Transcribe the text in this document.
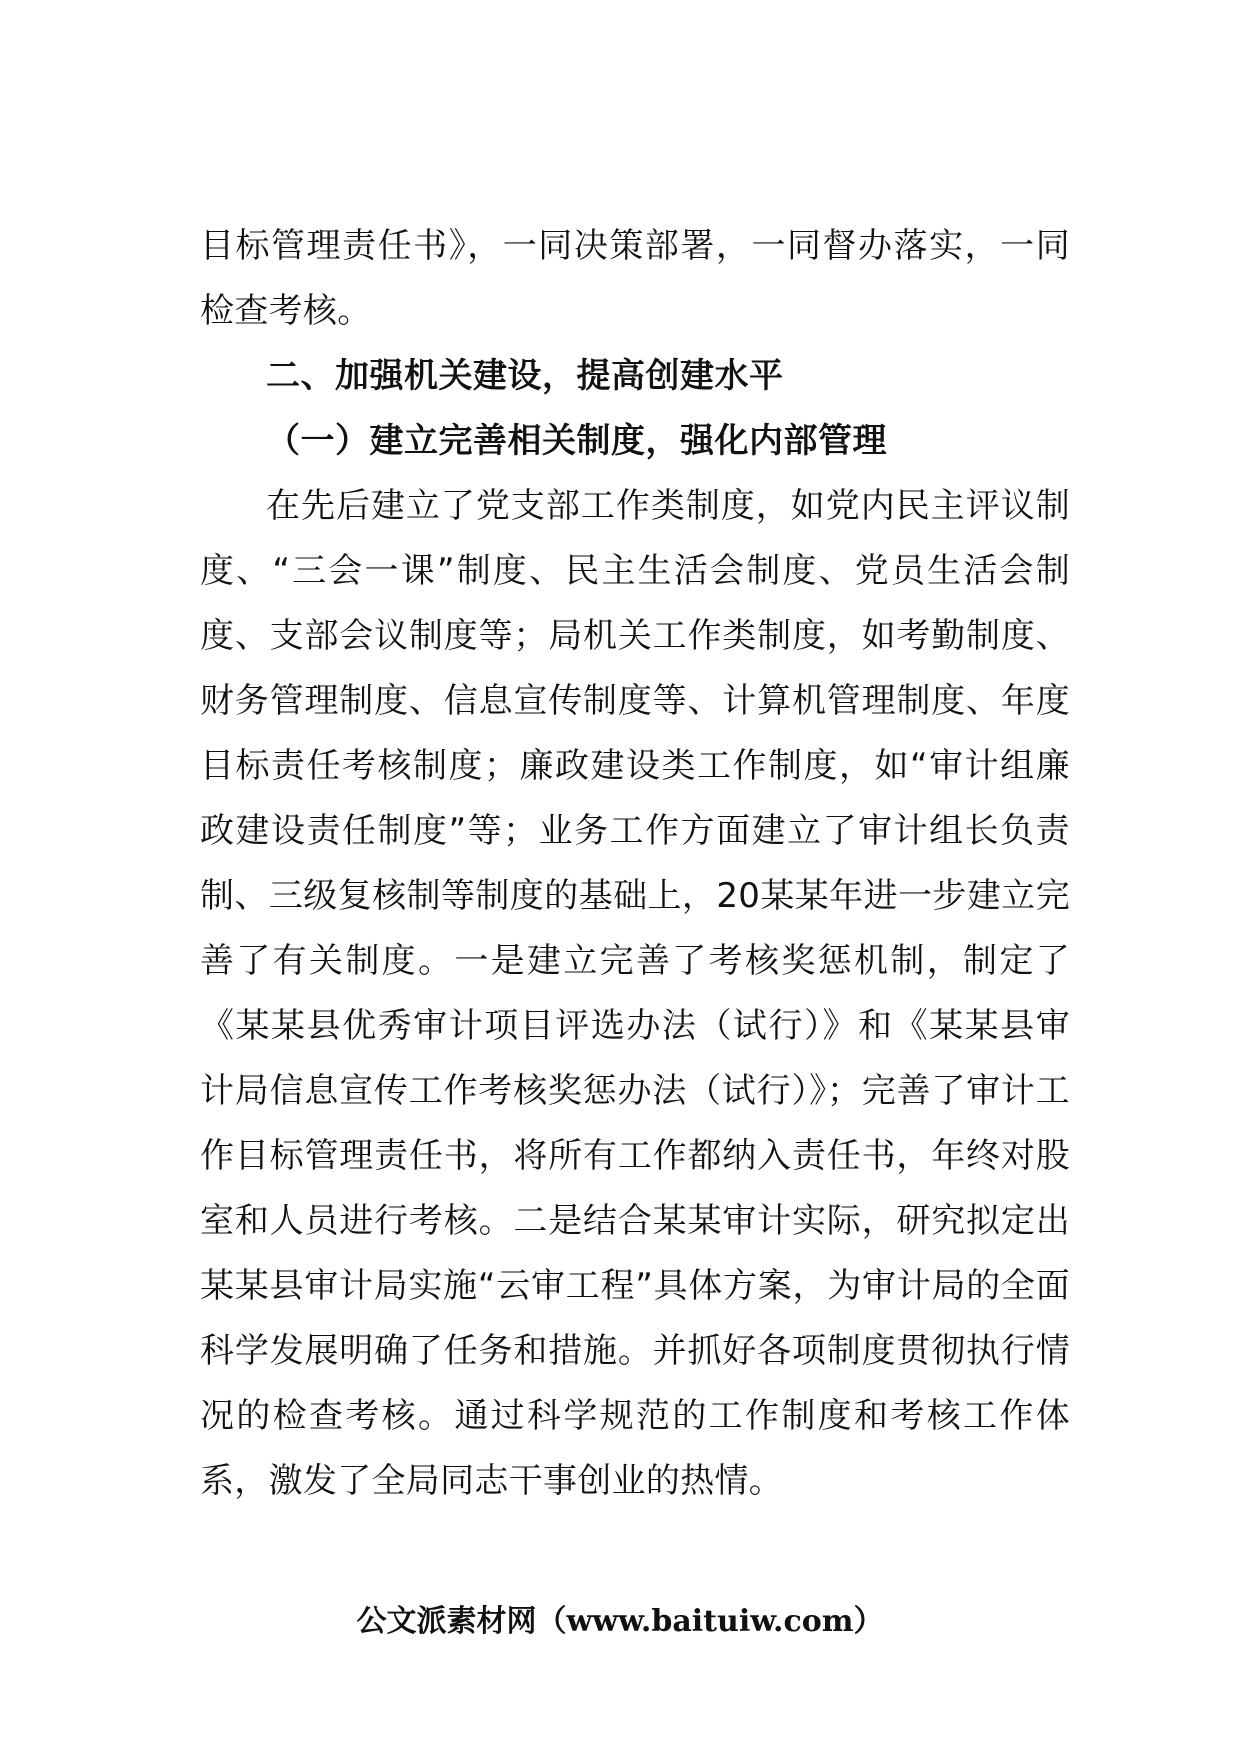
目标管理责任书》，一同决策部署，一同督办落实，一同检查考核。

二、加强机关建设，提高创建水平

（一）建立完善相关制度，强化内部管理

在先后建立了党支部工作类制度，如党内民主评议制度、“三会一课”制度、民主生活会制度、党员生活会制度、支部会议制度等；局机关工作类制度，如考勤制度、财务管理制度、信息宣传制度等、计算机管理制度、年度目标责任考核制度；廉政建设类工作制度，如“审计组廉政建设责任制度”等；业务工作方面建立了审计组长负责制、三级复核制等制度的基础上，20某某年进一步建立完善了有关制度。一是建立完善了考核奖惩机制，制定了《某某县优秀审计项目评选办法（试行）》和《某某县审计局信息宣传工作考核奖惩办法（试行）》；完善了审计工作目标管理责任书，将所有工作都纳入责任书，年终对股室和人员进行考核。二是结合某某审计实际，研究拟定出某某县审计局实施“云审工程”具体方案，为审计局的全面科学发展明确了任务和措施。并抓好各项制度贯彻执行情况的检查考核。通过科学规范的工作制度和考核工作体系，激发了全局同志干事创业的热情。

公文派素材网（www.baituiw.com）
